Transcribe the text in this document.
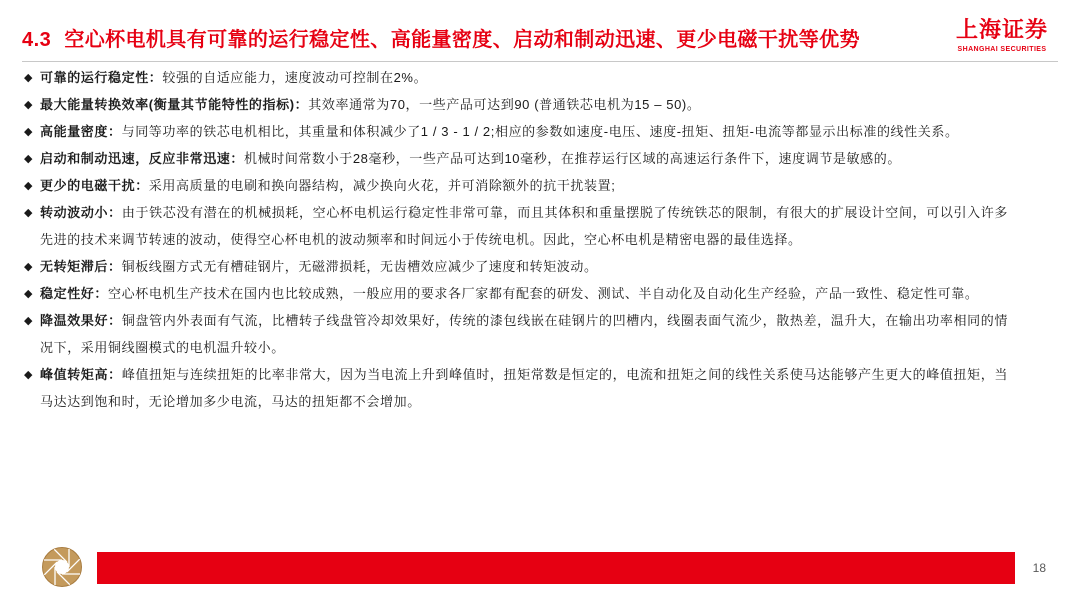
4.3 空心杯电机具有可靠的运行稳定性、高能量密度、启动和制动迅速、更少电磁干扰等优势	上海证券
SHANGHAI SECURITIES
◆ 可靠的运行稳定性：较强的自适应能力，速度波动可控制在2%。
◆ 最大能量转换效率(衡量其节能特性的指标)：其效率通常为70，一些产品可达到90 (普通铁芯电机为15 – 50)。
◆ 高能量密度：与同等功率的铁芯电机相比，其重量和体积减少了1 / 3 - 1 / 2;相应的参数如速度-电压、速度-扭矩、扭矩-电流等都显示出标准的线性关系。
◆ 启动和制动迅速，反应非常迅速：机械时间常数小于28毫秒，一些产品可达到10毫秒，在推荐运行区域的高速运行条件下，速度调节是敏感的。
◆ 更少的电磁干扰：采用高质量的电刷和换向器结构，减少换向火花，并可消除额外的抗干扰装置;
◆ 转动波动小：由于铁芯没有潜在的机械损耗，空心杯电机运行稳定性非常可靠，而且其体积和重量摆脱了传统铁芯的限制，有很大的扩展设计空间，可以引入许多先进的技术来调节转速的波动，使得空心杯电机的波动频率和时间远小于传统电机。因此，空心杯电机是精密电器的最佳选择。
◆ 无转矩滞后：铜板线圈方式无有槽硅钢片，无磁滞损耗，无齿槽效应减少了速度和转矩波动。
◆ 稳定性好：空心杯电机生产技术在国内也比较成熟，一般应用的要求各厂家都有配套的研发、测试、半自动化及自动化生产经验，产品一致性、稳定性可靠。
◆ 降温效果好：铜盘管内外表面有气流，比槽转子线盘管冷却效果好，传统的漆包线嵌在硅钢片的凹槽内，线圈表面气流少，散热差，温升大，在输出功率相同的情况下，采用铜线圈模式的电机温升较小。
◆ 峰值转矩高：峰值扭矩与连续扭矩的比率非常大，因为当电流上升到峰值时，扭矩常数是恒定的，电流和扭矩之间的线性关系使马达能够产生更大的峰值扭矩，当马达达到饱和时，无论增加多少电流，马达的扭矩都不会增加。
18
